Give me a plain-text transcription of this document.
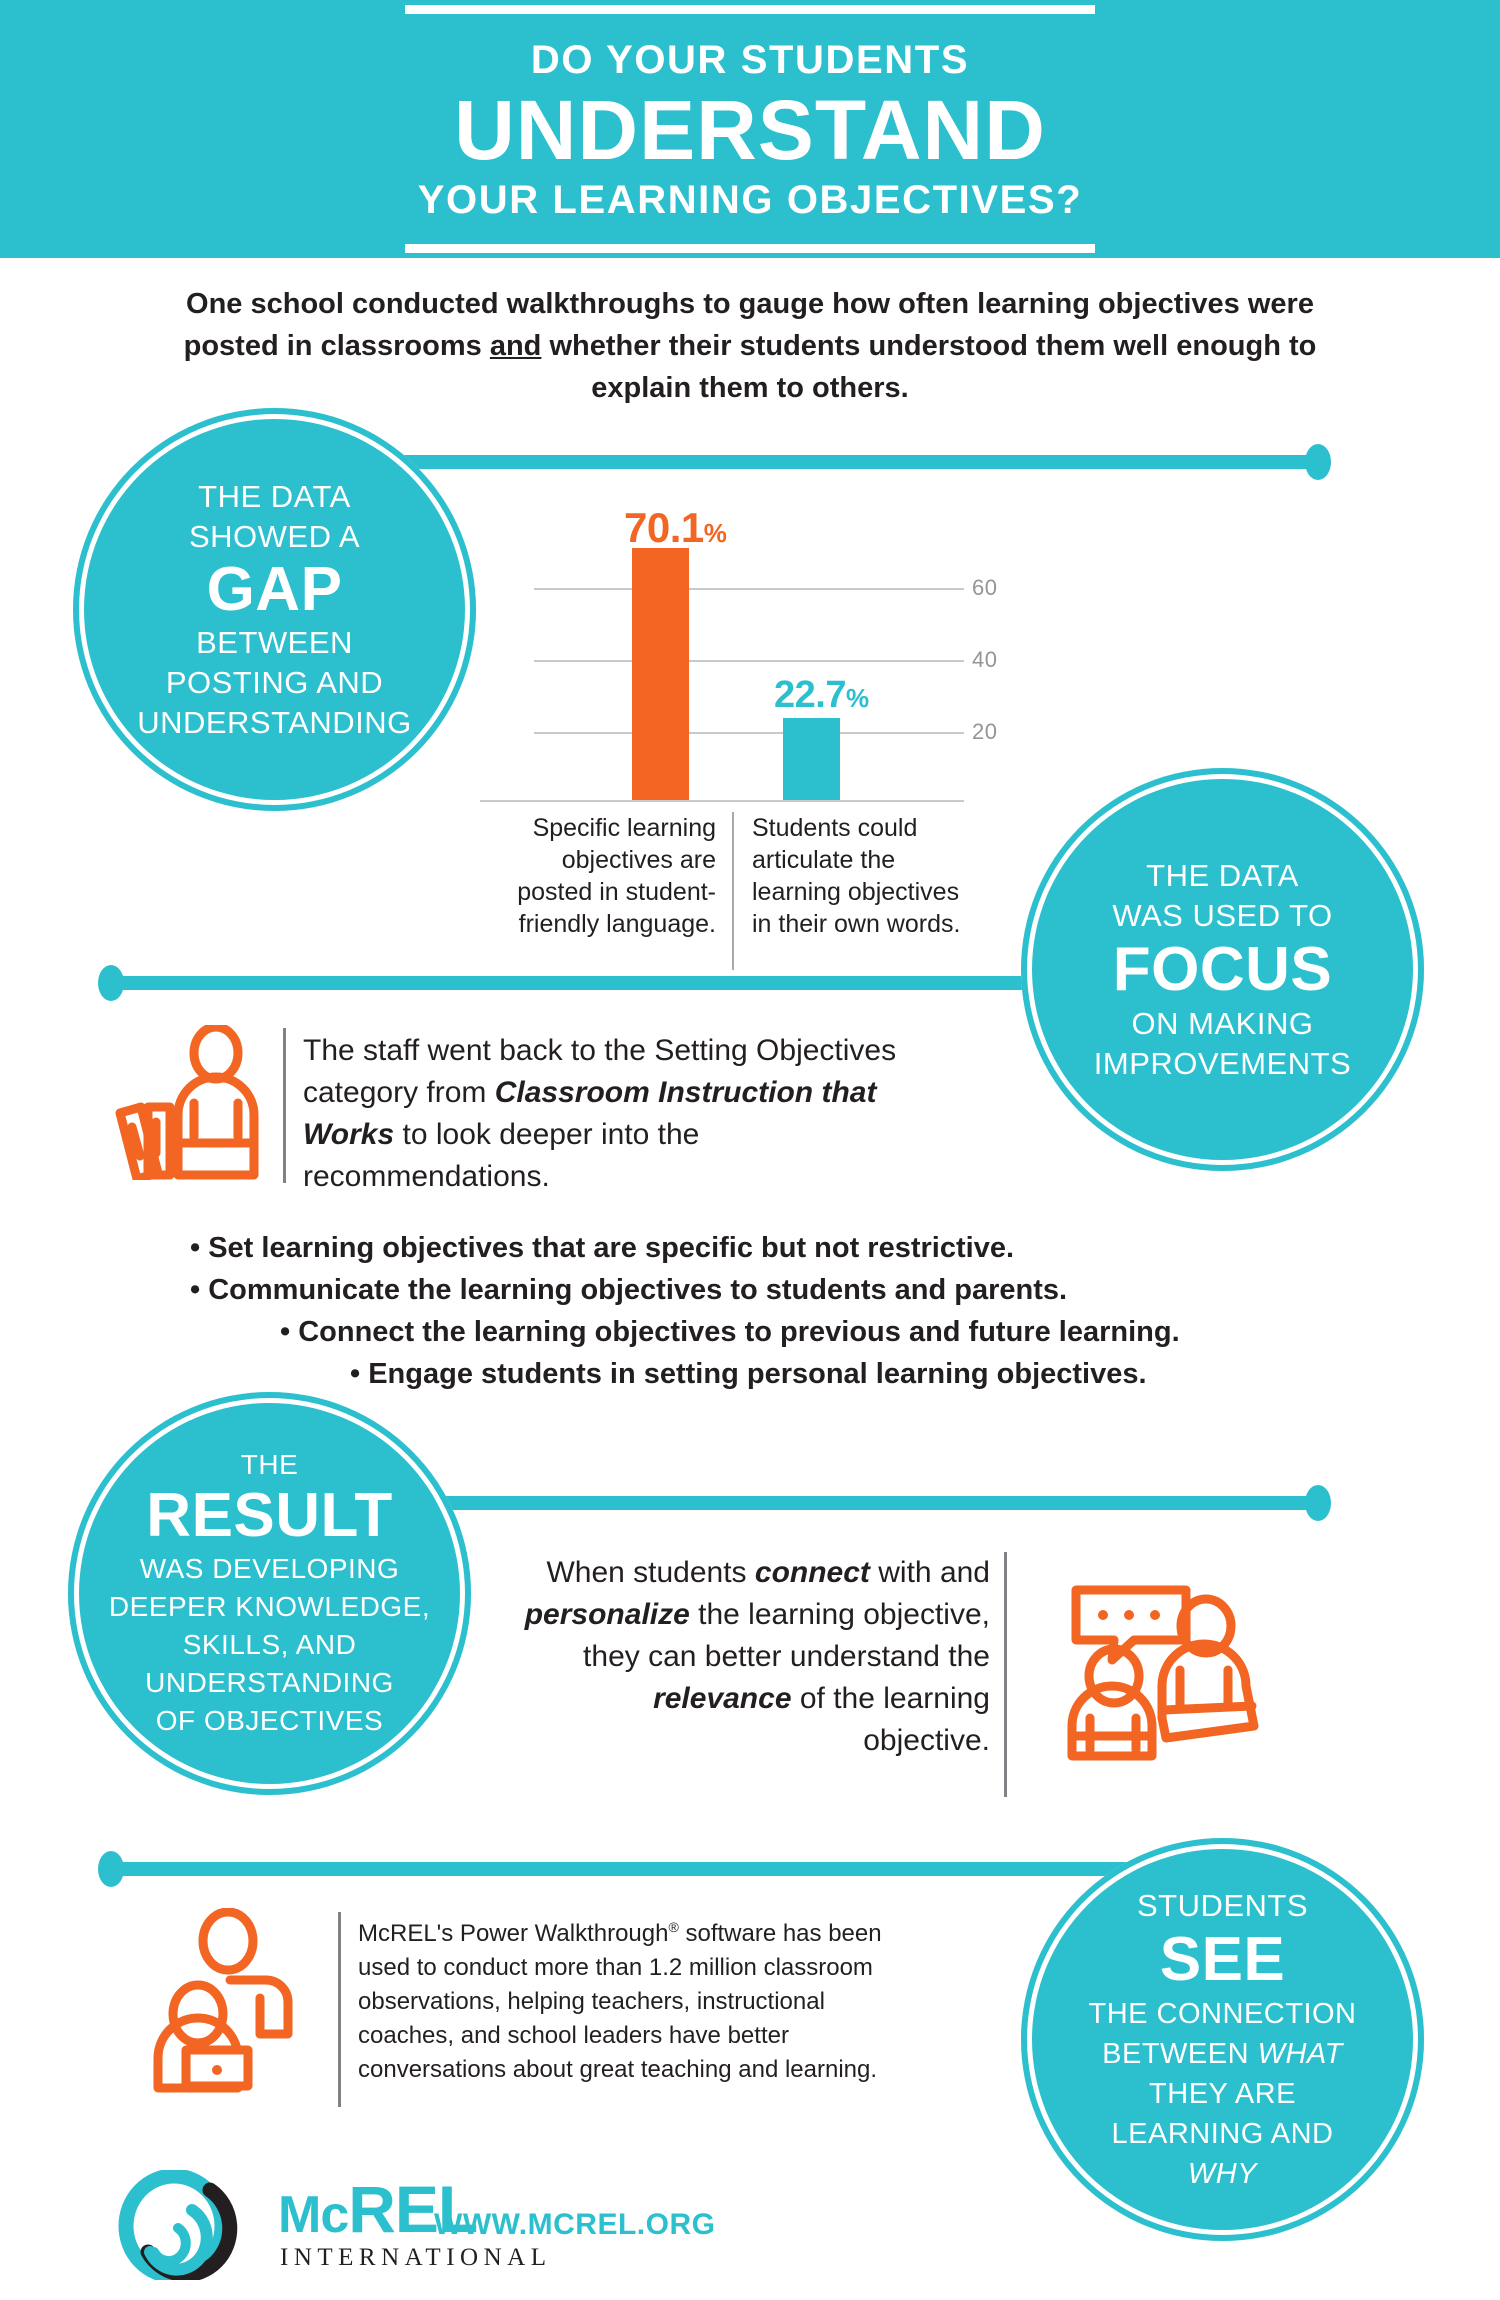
DO YOUR STUDENTS
UNDERSTAND
YOUR LEARNING OBJECTIVES?
One school conducted walkthroughs to gauge how often learning objectives were posted in classrooms and whether their students understood them well enough to explain them to others.
THE DATA
SHOWED A
GAP
BETWEEN
POSTING AND
UNDERSTANDING
60
40
20
70.1%
22.7%
Specific learning objectives are posted in student-friendly language.
Students could articulate the learning objectives in their own words.
THE DATA
WAS USED TO
FOCUS
ON MAKING
IMPROVEMENTS
The staff went back to the Setting Objectives category from Classroom Instruction that Works to look deeper into the recommendations.
• Set learning objectives that are specific but not restrictive.
• Communicate the learning objectives to students and parents.
• Connect the learning objectives to previous and future learning.
• Engage students in setting personal learning objectives.
THE
RESULT
WAS DEVELOPING
DEEPER KNOWLEDGE,
SKILLS, AND
UNDERSTANDING
OF OBJECTIVES
When students connect with and personalize the learning objective, they can better understand the relevance of the learning objective.
STUDENTS
SEE
THE CONNECTION
BETWEEN WHAT
THEY ARE
LEARNING AND
WHY
McREL's Power Walkthrough® software has been used to conduct more than 1.2 million classroom observations, helping teachers, instructional coaches, and school leaders have better conversations about great teaching and learning.
McREL
INTERNATIONAL
WWW.MCREL.ORG
